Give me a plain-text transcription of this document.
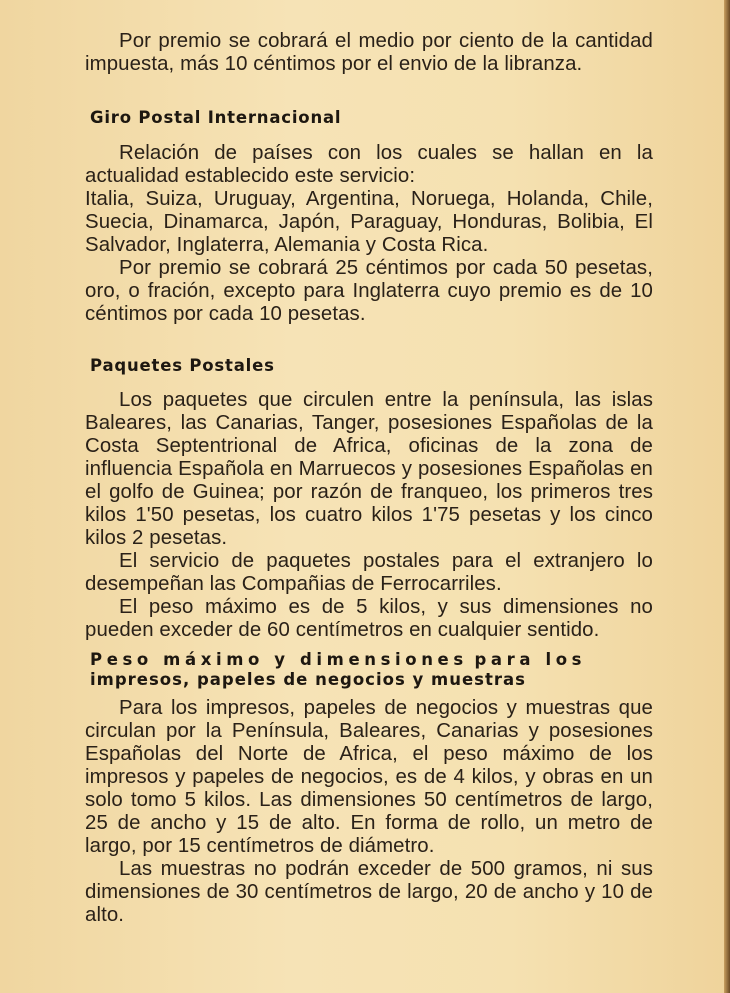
Por premio se cobrará el medio por ciento de la cantidad impuesta, más 10 céntimos por el envio de la libranza.

Giro Postal Internacional

Relación de países con los cuales se hallan en la actualidad establecido este servicio:

Italia, Suiza, Uruguay, Argentina, Noruega, Holanda, Chile, Suecia, Dinamarca, Japón, Paraguay, Honduras, Bolibia, El Salvador, Inglaterra, Alemania y Costa Rica.

Por premio se cobrará 25 céntimos por cada 50 pesetas, oro, o fración, excepto para Inglaterra cuyo premio es de 10 céntimos por cada 10 pesetas.

Paquetes Postales

Los paquetes que circulen entre la península, las islas Baleares, las Canarias, Tanger, posesiones Españolas de la Costa Septentrional de Africa, oficinas de la zona de influencia Española en Marruecos y posesiones Españolas en el golfo de Guinea; por razón de franqueo, los primeros tres kilos 1'50 pesetas, los cuatro kilos 1'75 pesetas y los cinco kilos 2 pesetas.

El servicio de paquetes postales para el extranjero lo desempeñan las Compañias de Ferrocarriles.

El peso máximo es de 5 kilos, y sus dimensiones no pueden exceder de 60 centímetros en cualquier sentido.

Peso máximo y dimensiones para los
impresos, papeles de negocios y muestras

Para los impresos, papeles de negocios y muestras que circulan por la Península, Baleares, Canarias y posesiones Españolas del Norte de Africa, el peso máximo de los impresos y papeles de negocios, es de 4 kilos, y obras en un solo tomo 5 kilos. Las dimensiones 50 centímetros de largo, 25 de ancho y 15 de alto. En forma de rollo, un metro de largo, por 15 centímetros de diámetro.

Las muestras no podrán exceder de 500 gramos, ni sus dimensiones de 30 centímetros de largo, 20 de ancho y 10 de alto.
